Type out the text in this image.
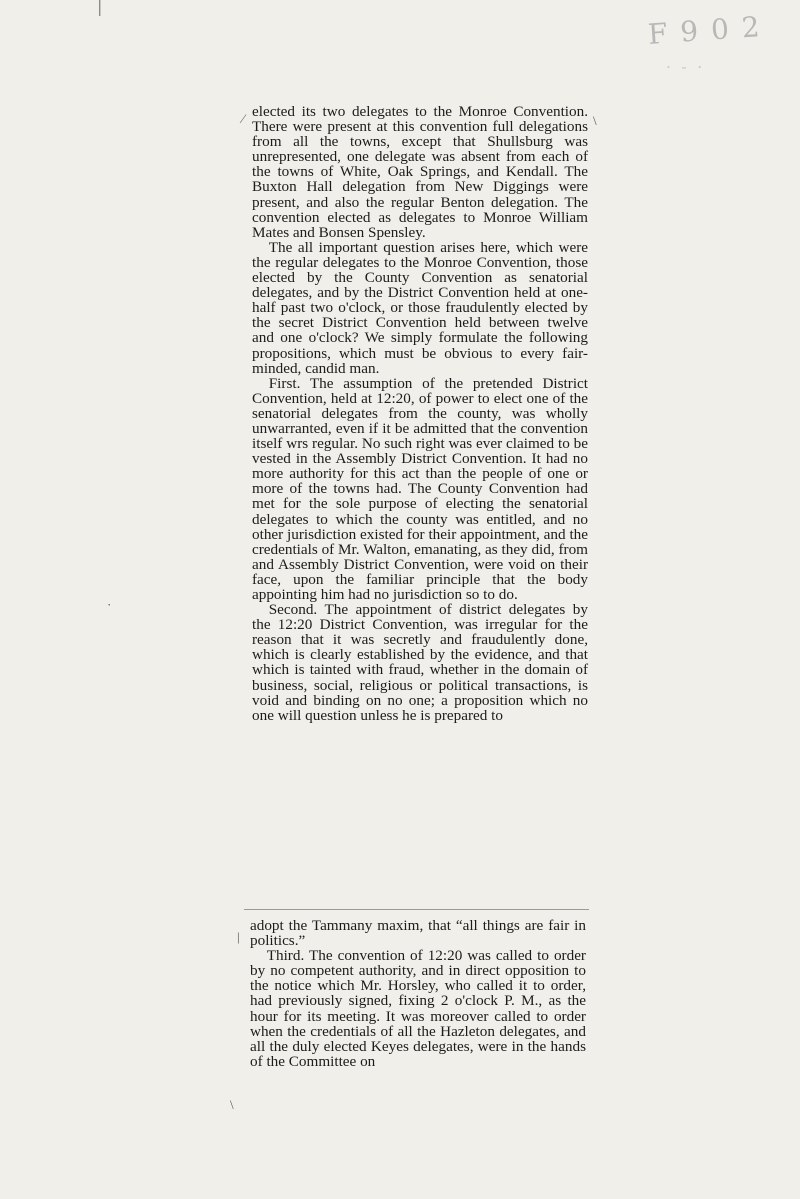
F 9 0 2
· ‐ ·
|
⁄	\
·
|
\

elected its two delegates to the Monroe Convention. There were present at this convention full delegations from all the towns, except that Shullsburg was unrepresented, one delegate was absent from each of the towns of White, Oak Springs, and Kendall. The Buxton Hall delegation from New Diggings were present, and also the regular Benton delegation. The convention elected as delegates to Monroe William Mates and Bonsen Spensley.

The all important question arises here, which were the regular delegates to the Monroe Convention, those elected by the County Convention as senatorial delegates, and by the District Convention held at one-half past two o'clock, or those fraudulently elected by the secret District Convention held between twelve and one o'clock? We simply formulate the following propositions, which must be obvious to every fair-minded, candid man.

First. The assumption of the pretended District Convention, held at 12:20, of power to elect one of the senatorial delegates from the county, was wholly unwarranted, even if it be admitted that the convention itself wrs regular. No such right was ever claimed to be vested in the Assembly District Convention. It had no more authority for this act than the people of one or more of the towns had. The County Convention had met for the sole purpose of electing the senatorial delegates to which the county was entitled, and no other jurisdiction existed for their appointment, and the credentials of Mr. Walton, emanating, as they did, from and Assembly District Convention, were void on their face, upon the familiar principle that the body appointing him had no jurisdiction so to do.

Second. The appointment of district delegates by the 12:20 District Convention, was irregular for the reason that it was secretly and fraudulently done, which is clearly established by the evidence, and that which is tainted with fraud, whether in the domain of business, social, religious or political transactions, is void and binding on no one; a proposition which no one will question unless he is prepared to

adopt the Tammany maxim, that “all things are fair in politics.”

Third. The convention of 12:20 was called to order by no competent authority, and in direct opposition to the notice which Mr. Horsley, who called it to order, had previously signed, fixing 2 o'clock P. M., as the hour for its meeting. It was moreover called to order when the credentials of all the Hazleton delegates, and all the duly elected Keyes delegates, were in the hands of the Committee on
